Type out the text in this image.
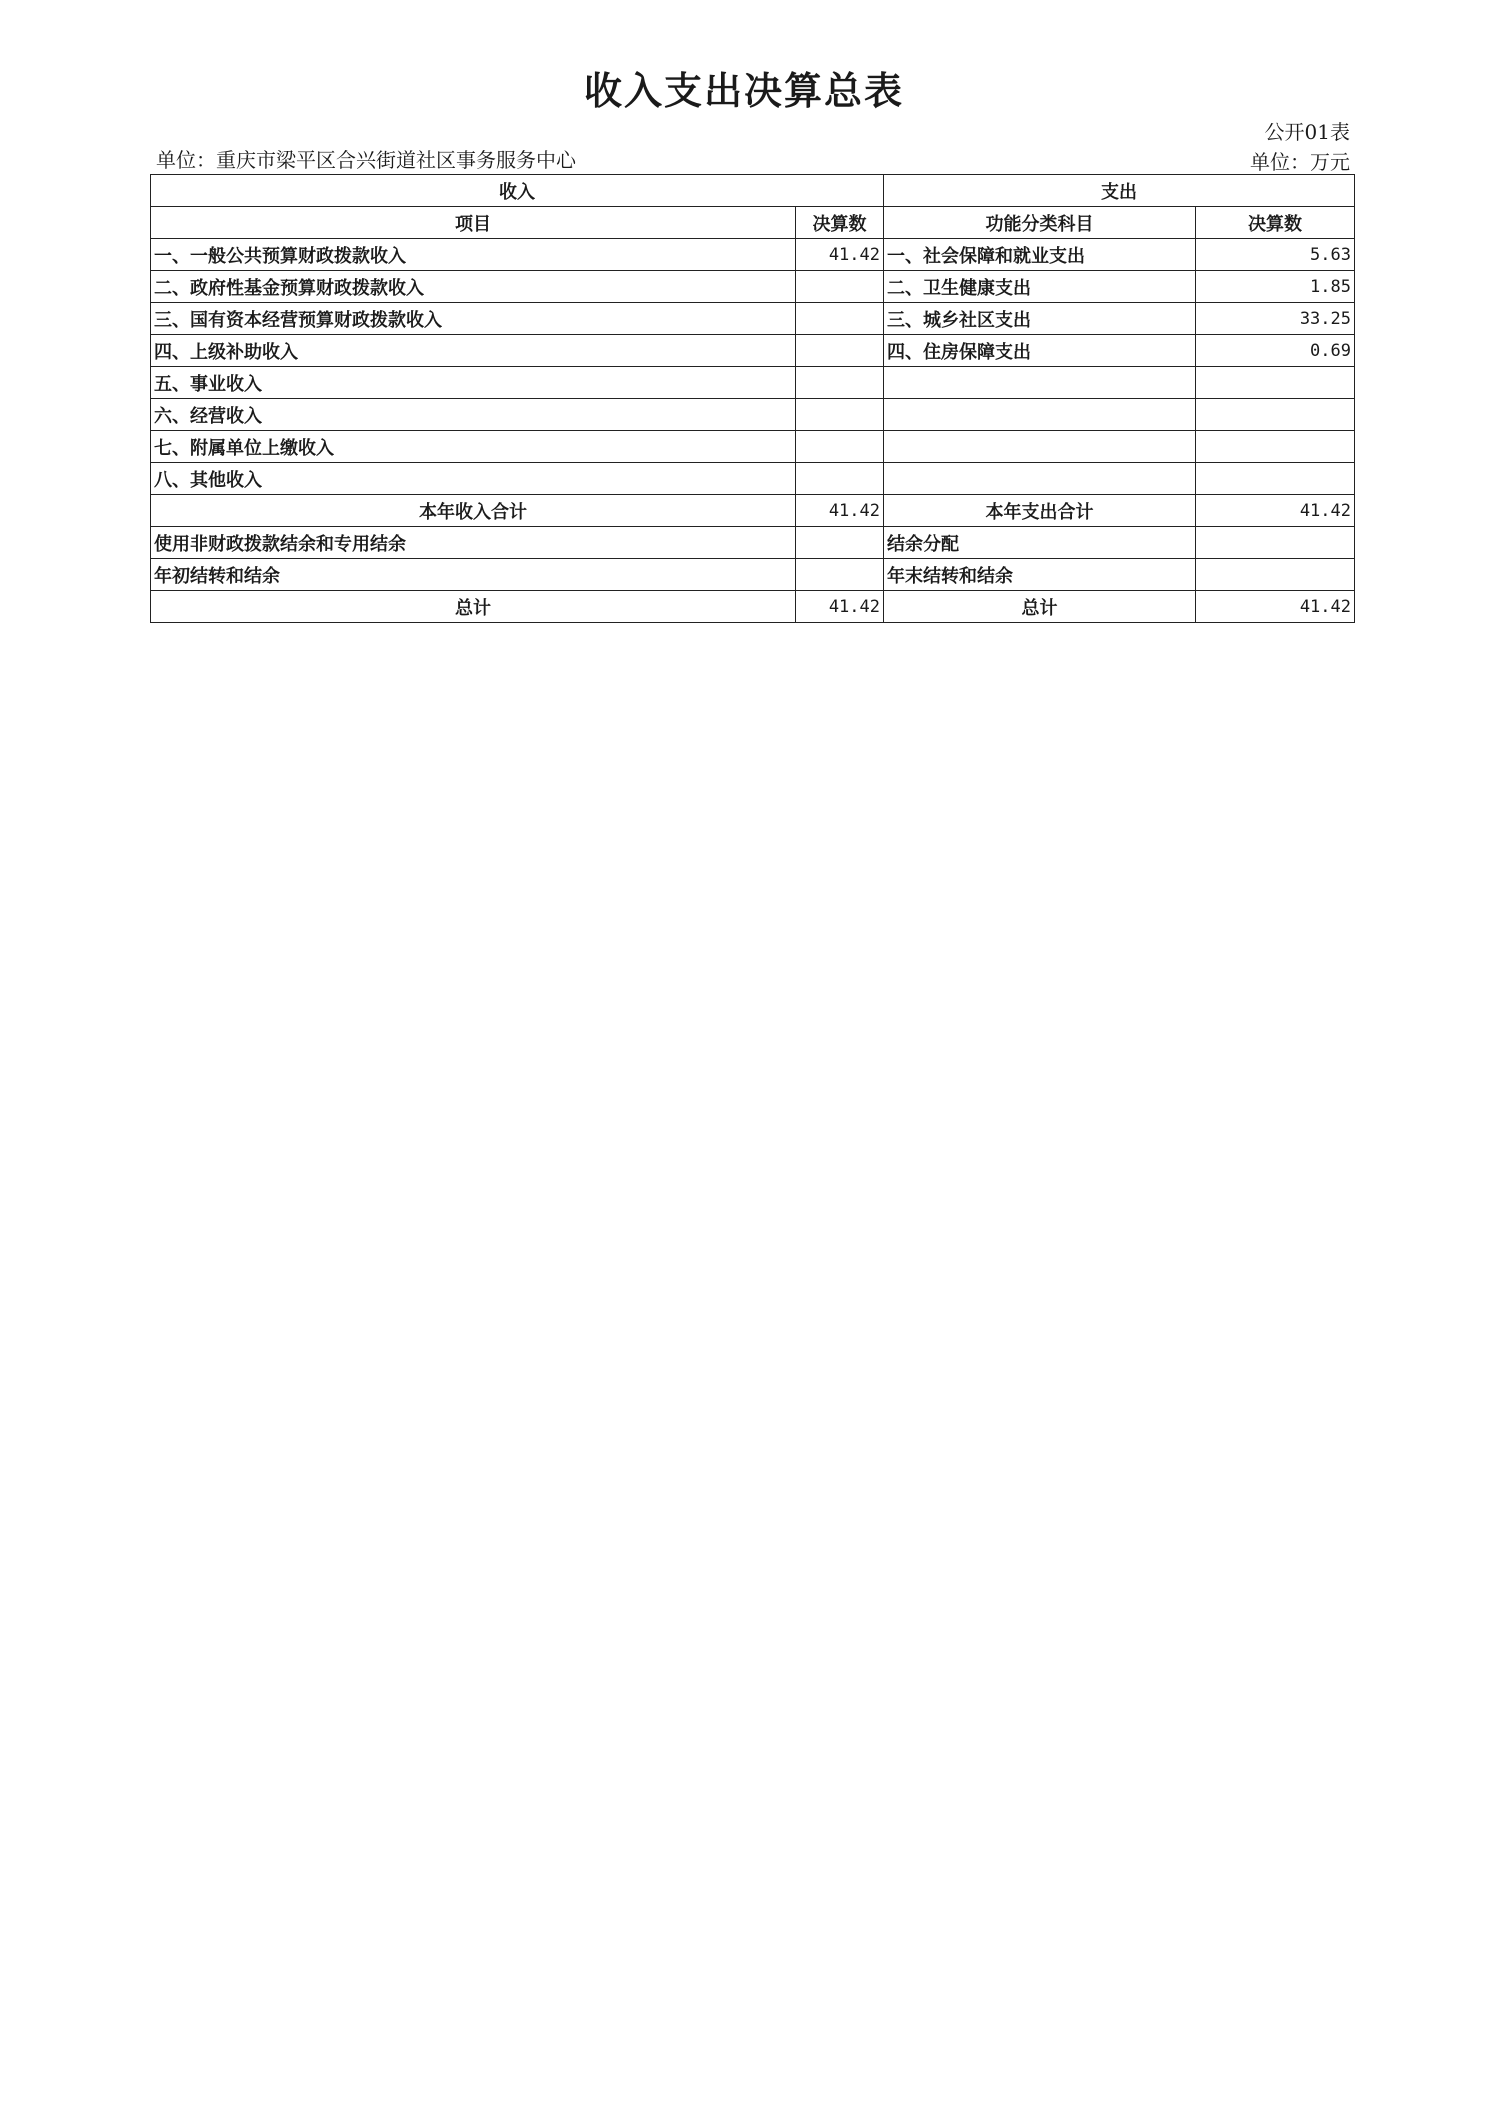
收入支出决算总表
公开01表
单位：重庆市梁平区合兴街道社区事务服务中心	单位：万元
收入		支出	
项目	决算数	功能分类科目	决算数
一、一般公共预算财政拨款收入	41.42	一、社会保障和就业支出	5.63
二、政府性基金预算财政拨款收入		二、卫生健康支出	1.85
三、国有资本经营预算财政拨款收入		三、城乡社区支出	33.25
四、上级补助收入		四、住房保障支出	0.69
五、事业收入			
六、经营收入			
七、附属单位上缴收入			
八、其他收入			
本年收入合计	41.42	本年支出合计	41.42
使用非财政拨款结余和专用结余		结余分配	
年初结转和结余		年末结转和结余	
总计	41.42	总计	41.42
